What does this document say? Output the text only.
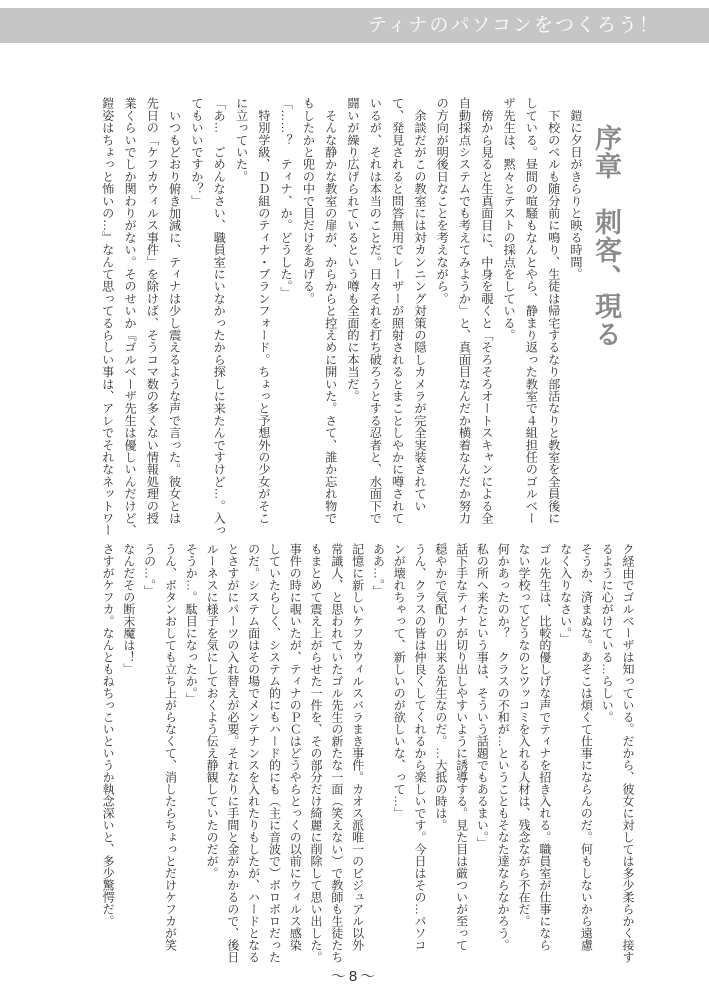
ティナのパソコンをつくろう！
序章　刺客、現る

　鎧に夕日がきらりと映る時間。

　下校のベルも随分前に鳴り、生徒は帰宅するなり部活なりと教室を全員後に

している。昼間の喧騒もなんとやら、静まり返った教室で４組担任のゴルベー

ザ先生は、黙々とテストの採点をしている。

　傍から見ると生真面目に、中身を覗くと「そろそろオートスキャンによる全

自動採点システムでも考えてみようか」と、真面目なんだか横着なんだか努力

の方向が明後日なことを考えながら。

　余談だがこの教室には対カンニング対策の隠しカメラが完全実装されてい

て、発見されると問答無用でレーザーが照射されるとまことしやかに噂されて

いるが、それは本当のことだ。日々それを打ち破ろうとする忍者と、水面下で

闘いが繰り広げられているという噂も全面的に本当だ。

　そんな静かな教室の扉が、からからと控えめに開いた。さて、誰か忘れ物で

もしたかと兜の中で目だけをあげる。

「……？　ティナ、か。どうした。」

　特別学級、ＤＤ組のティナ・ブランフォード。ちょっと予想外の少女がそこ

に立っていた。

「あ…　ごめんなさい、職員室にいなかったから探しに来たんですけど…。入っ

てもいいですか？」

　いつもどおり俯き加減に、ティナは少し震えるような声で言った。彼女とは

先日の「ケフカウィルス事件」を除けば、そうコマ数の多くない情報処理の授

業くらいでしか関わりがない。そのせいか『ゴルベーザ先生は優しいんだけど、

鎧姿はちょっと怖いの…』なんて思ってるらしい事は、アレでそれなネットワー

ク経由でゴルベーザは知っている。だから、彼女に対しては多少柔らかく接す

るように心がけている…らしい。

そうか、済まぬな。あそこは煩くて仕事にならんのだ。何もしないから遠慮

なく入りなさい。」

ゴル先生は、比較的優しげな声でティナを招き入れる。職員室が仕事になら

ない学校ってどうなのとツッコミを入れる人材は、残念ながら不在だ。

何かあったのか？　クラスの不和が…ということもそなた達ならなかろう。

私の所へ来たという事は、そういう話題でもあるまい。」

話下手なティナが切り出しやすいように誘導する。見た目は厳ついが至って

穏やかで気配りの出来る先生なのだ。…大抵の時は。

うん、クラスの皆は仲良くしてくれるから楽しいです。今日はその…パソコ

ンが壊れちゃって、新しいのが欲しいな、って…」

ああ…。」

記憶に新しいケフカウィルスバラまき事件。カオス派唯一のビジュアル以外

常識人、と思われていたゴル先生の新たな一面（笑えない）で教師も生徒たち

もまとめて震え上がらせた一件を、その部分だけ綺麗に削除して思い出した。

事件の時に覗いたが、ティナのＰＣはどうやらとっくの以前にウィルス感染

していたらしく、システム的にもハード的にも（主に音波で）ボロボロだった

のだ。システム面はその場でメンテナンスを入れたりもしたが、ハードとなる

とさすがにパーツの入れ替えが必要。それなりに手間と金がかかるので、後日

ルーネスに様子を気にしておくよう伝え静観していたのだが。

そうか…。駄目になったか。」

うん、ボタンおしても立ち上がらなくて、消したらちょっとだけケフカが笑

うの…。」

なんだその断末魔は！」

さすがケフカ。なんともねちっこいというか執念深いと、多少驚愕だ。

～8～
